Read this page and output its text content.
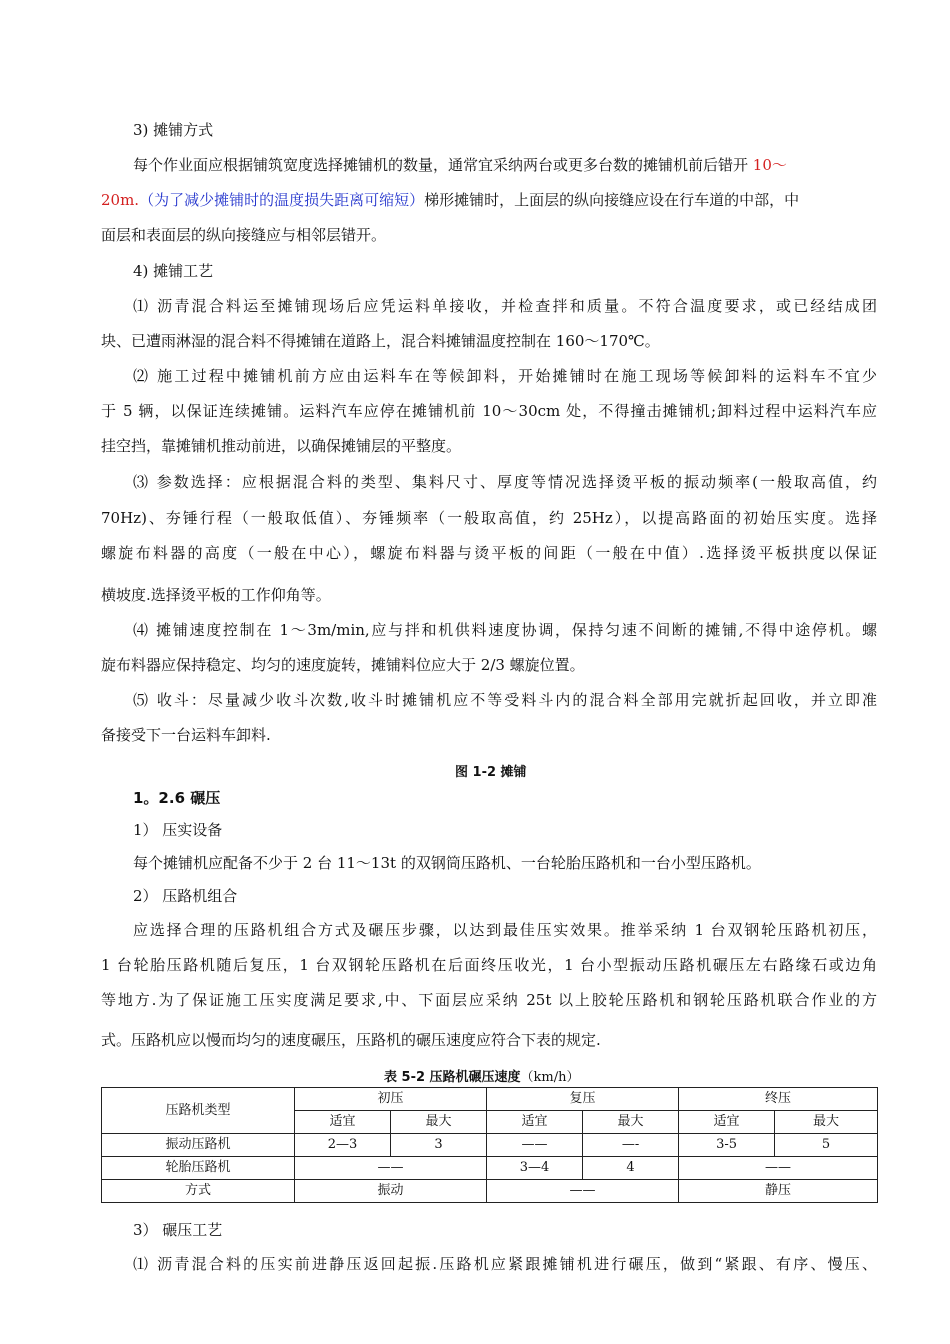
3) 摊铺方式
每个作业面应根据铺筑宽度选择摊铺机的数量，通常宜采纳两台或更多台数的摊铺机前后错开 10～
20m.（为了减少摊铺时的温度损失距离可缩短）梯形摊铺时，上面层的纵向接缝应设在行车道的中部，中
面层和表面层的纵向接缝应与相邻层错开。
4) 摊铺工艺
⑴ 沥青混合料运至摊铺现场后应凭运料单接收，并检查拌和质量。不符合温度要求，或已经结成团
块、已遭雨淋湿的混合料不得摊铺在道路上，混合料摊铺温度控制在 160～170℃。
⑵ 施工过程中摊铺机前方应由运料车在等候卸料，开始摊铺时在施工现场等候卸料的运料车不宜少
于 5 辆，以保证连续摊铺。运料汽车应停在摊铺机前 10～30cm 处，不得撞击摊铺机;卸料过程中运料汽车应
挂空挡，靠摊铺机推动前进，以确保摊铺层的平整度。
⑶ 参数选择：应根据混合料的类型、集料尺寸、厚度等情况选择烫平板的振动频率(一般取高值，约
70Hz)、夯锤行程（一般取低值）、夯锤频率（一般取高值，约 25Hz），以提高路面的初始压实度。选择
螺旋布料器的高度（一般在中心），螺旋布料器与烫平板的间距（一般在中值）.选择烫平板拱度以保证
横坡度.选择烫平板的工作仰角等。
⑷ 摊铺速度控制在 1～3m/min,应与拌和机供料速度协调，保持匀速不间断的摊铺,不得中途停机。螺
旋布料器应保持稳定、均匀的速度旋转，摊铺料位应大于 2/3 螺旋位置。
⑸ 收斗：尽量减少收斗次数,收斗时摊铺机应不等受料斗内的混合料全部用完就折起回收，并立即准
备接受下一台运料车卸料.
图 1-2 摊铺
1。2.6 碾压
1） 压实设备
每个摊铺机应配备不少于 2 台 11～13t 的双钢筒压路机、一台轮胎压路机和一台小型压路机。
2） 压路机组合
应选择合理的压路机组合方式及碾压步骤，以达到最佳压实效果。推举采纳 1 台双钢轮压路机初压，
1 台轮胎压路机随后复压，1 台双钢轮压路机在后面终压收光，1 台小型振动压路机碾压左右路缘石或边角
等地方.为了保证施工压实度满足要求,中、下面层应采纳 25t 以上胶轮压路机和钢轮压路机联合作业的方
式。压路机应以慢而均匀的速度碾压，压路机的碾压速度应符合下表的规定.
表 5-2 压路机碾压速度（km/h）
压路机类型	初压		复压		终压	
	适宜	最大	适宜	最大	适宜	最大
振动压路机	2—3	3	——	—-	3-5	5
轮胎压路机	——		3—4	4	——	
方式	振动		——		静压	
3） 碾压工艺
⑴ 沥青混合料的压实前进静压返回起振.压路机应紧跟摊铺机进行碾压，做到“紧跟、有序、慢压、
